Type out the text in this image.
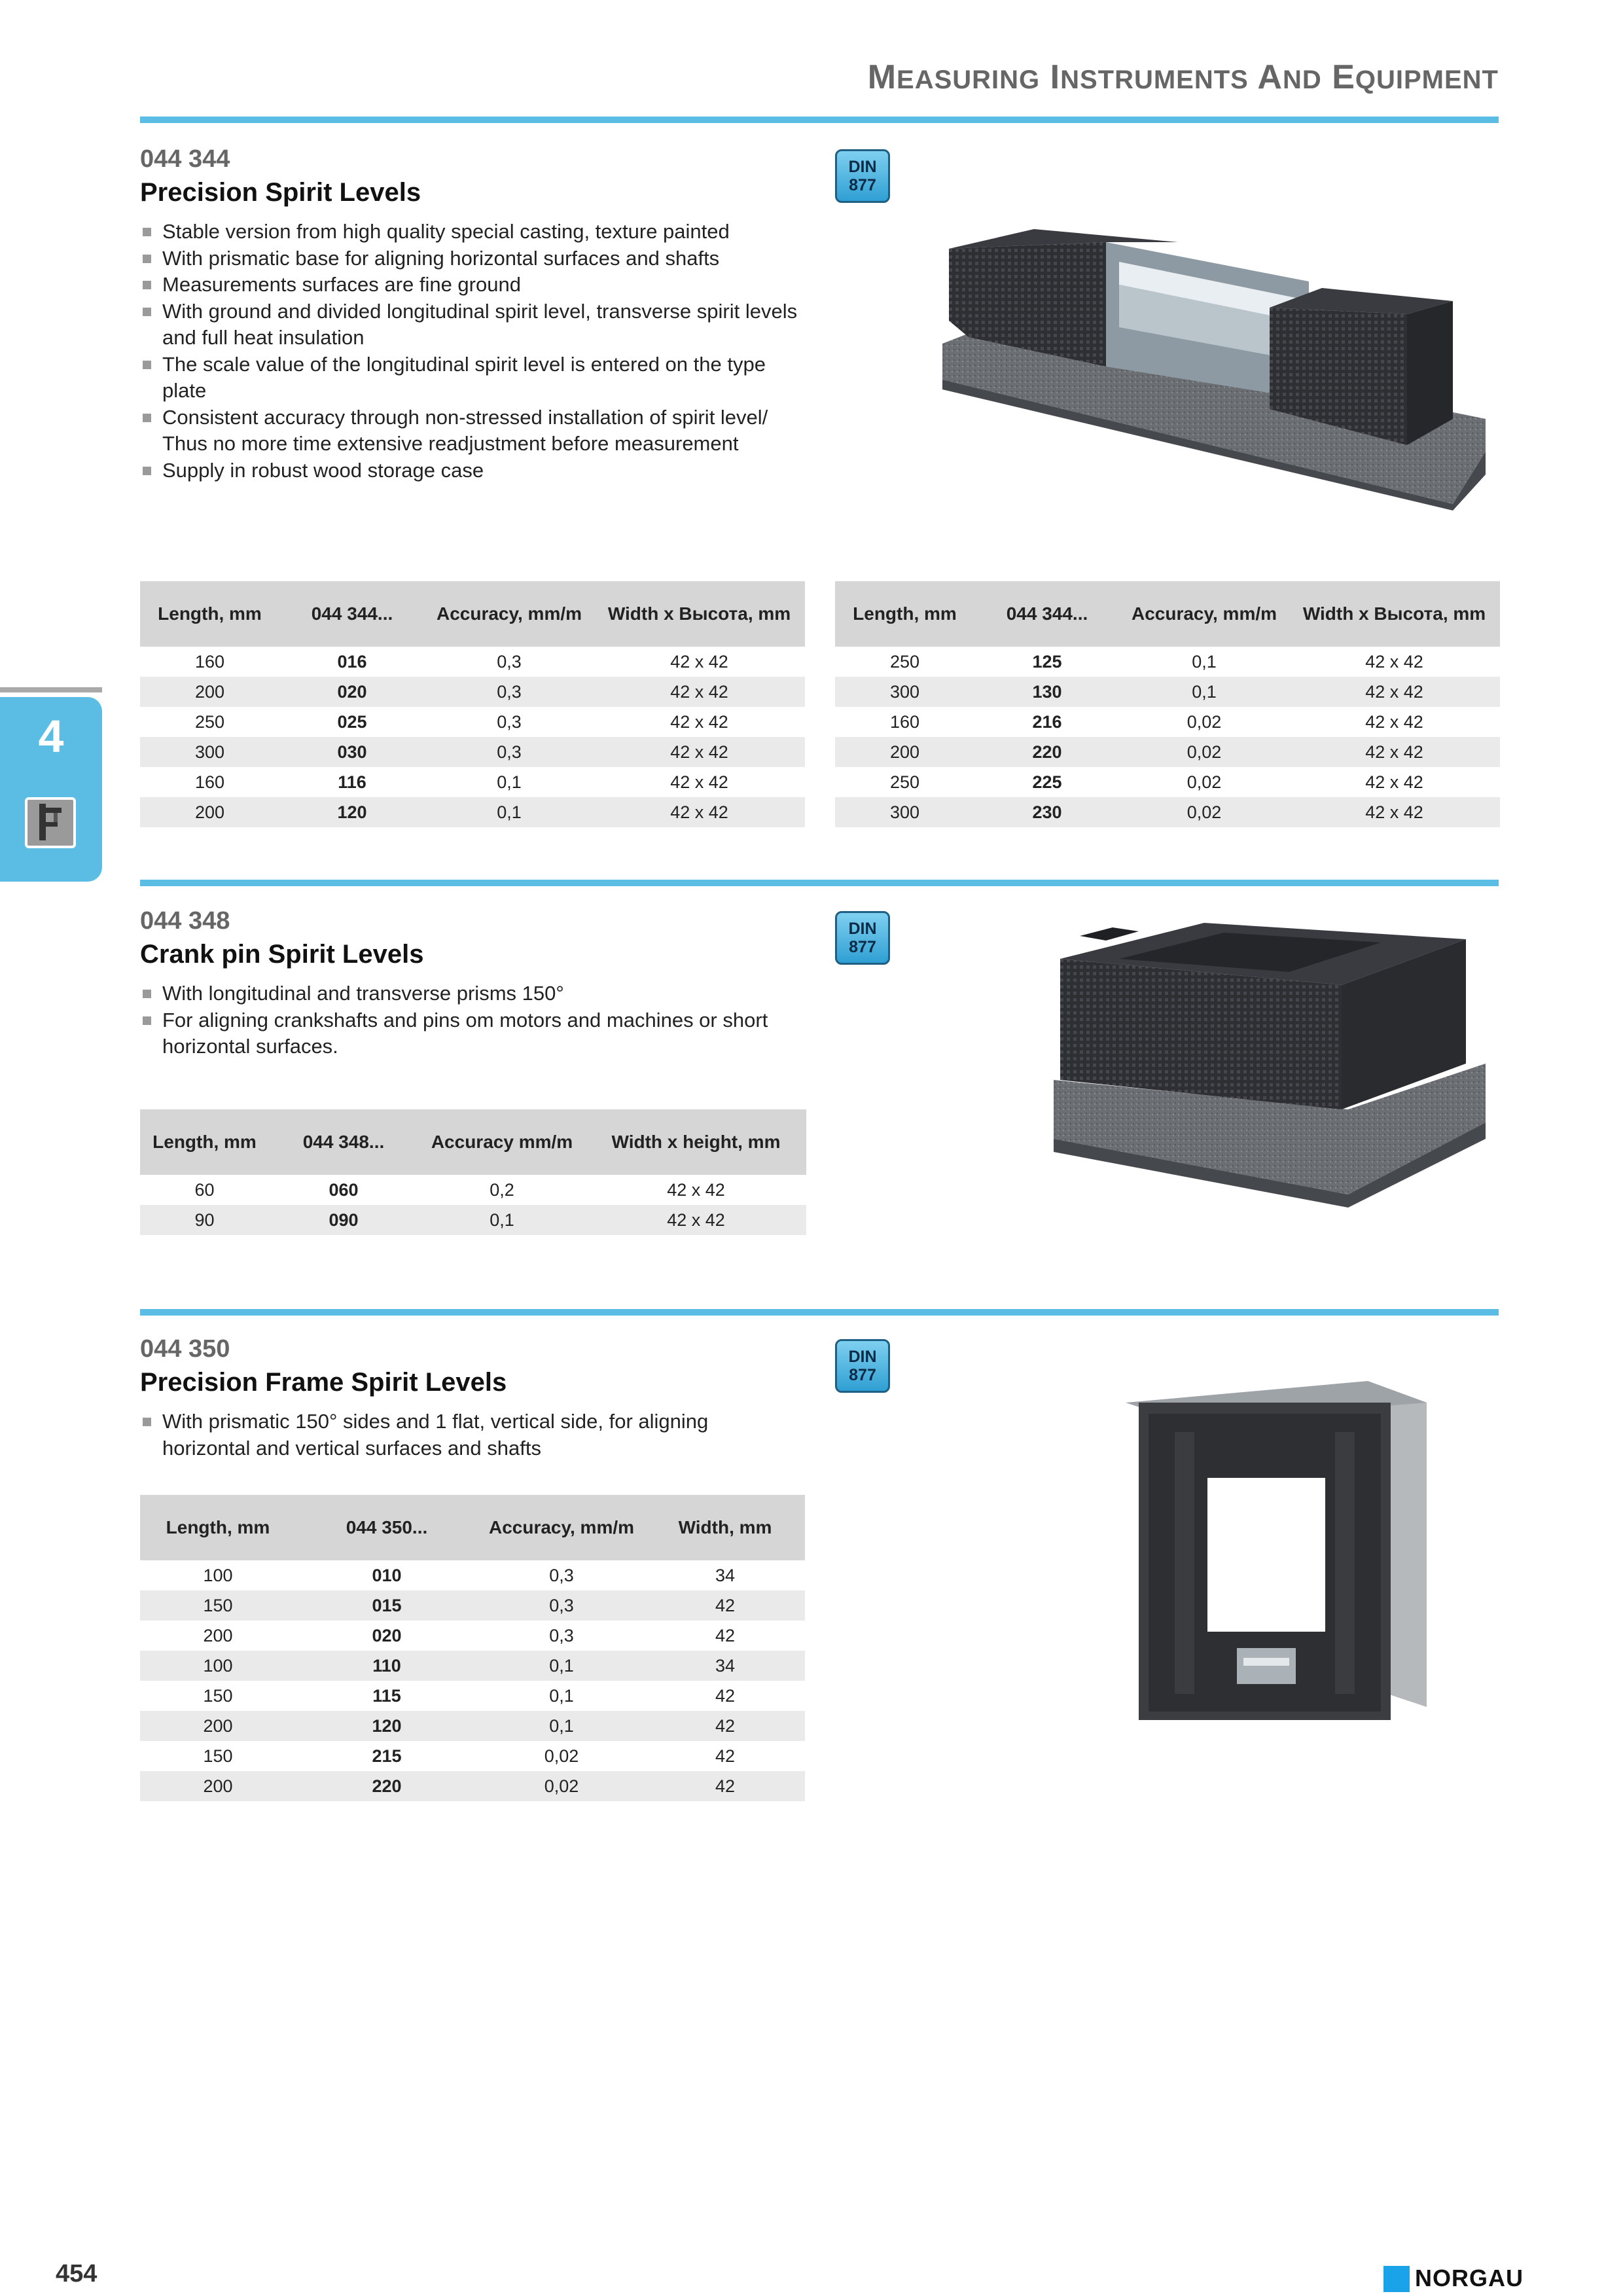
MEASURING INSTRUMENTS AND EQUIPMENT
4
044 344
Precision Spirit Levels
Stable version from high quality special casting, texture painted
With prismatic base for aligning horizontal surfaces and shafts
Measurements surfaces are fine ground
With ground and divided longitudinal spirit level, transverse spirit levels and full heat insulation
The scale value of the longitudinal spirit level is entered on the type plate
Consistent accuracy through non-stressed installation of spirit level/ Thus no more time extensive readjustment before measurement
Supply in robust wood storage case
DIN
877
Length, mm	044 344...	Accuracy, mm/m	Width x Высота, mm
160	016	0,3	42 x 42
200	020	0,3	42 x 42
250	025	0,3	42 x 42
300	030	0,3	42 x 42
160	116	0,1	42 x 42
200	120	0,1	42 x 42
Length, mm	044 344...	Accuracy, mm/m	Width x Высота, mm
250	125	0,1	42 x 42
300	130	0,1	42 x 42
160	216	0,02	42 x 42
200	220	0,02	42 x 42
250	225	0,02	42 x 42
300	230	0,02	42 x 42
044 348
Crank pin Spirit Levels
With longitudinal and transverse prisms 150°
For aligning crankshafts and pins om motors and machines or short horizontal surfaces.
DIN
877
Length, mm	044 348...	Accuracy mm/m	Width x height, mm
60	060	0,2	42 x 42
90	090	0,1	42 x 42
044 350
Precision Frame Spirit Levels
With prismatic 150° sides and 1 flat, vertical side, for aligning horizontal and vertical surfaces and shafts
DIN
877
Length, mm	044 350...	Accuracy, mm/m	Width, mm
100	010	0,3	34
150	015	0,3	42
200	020	0,3	42
100	110	0,1	34
150	115	0,1	42
200	120	0,1	42
150	215	0,02	42
200	220	0,02	42
454	NORGAU
